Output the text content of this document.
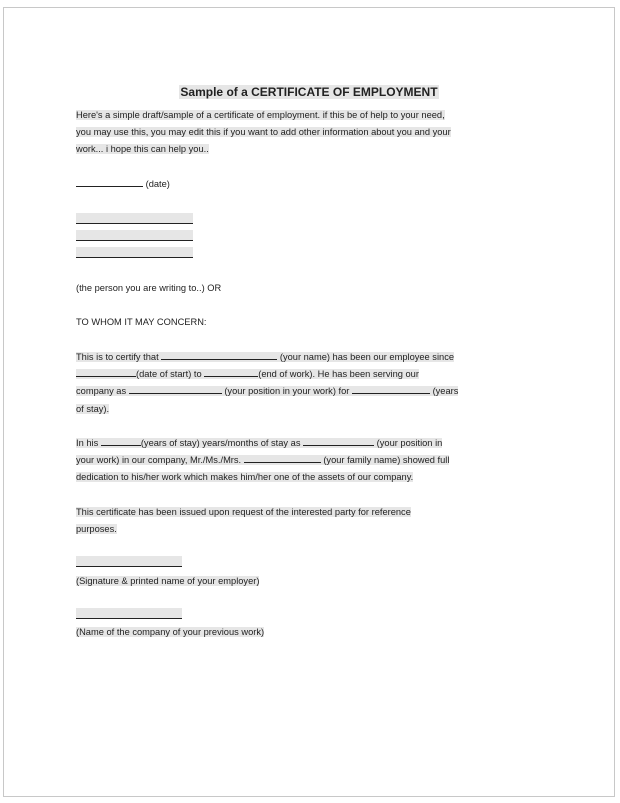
Sample of a CERTIFICATE OF EMPLOYMENT
Here's a simple draft/sample of a certificate of employment. if this be of help to your need,
you may use this, you may edit this if you want to add other information about you and your
work... i hope this can help you..
(date)
(the person you are writing to..) OR
TO WHOM IT MAY CONCERN:
This is to certify that	(your name) has been our employee since
(date of start) to	(end of work). He has been serving our
company as	(your position in your work) for	(years
of stay).
In his	(years of stay) years/months of stay as	(your position in
your work) in our company, Mr./Ms./Mrs.	(your family name) showed full
dedication to his/her work which makes him/her one of the assets of our company.
This certificate has been issued upon request of the interested party for reference
purposes.
(Signature & printed name of your employer)
(Name of the company of your previous work)
